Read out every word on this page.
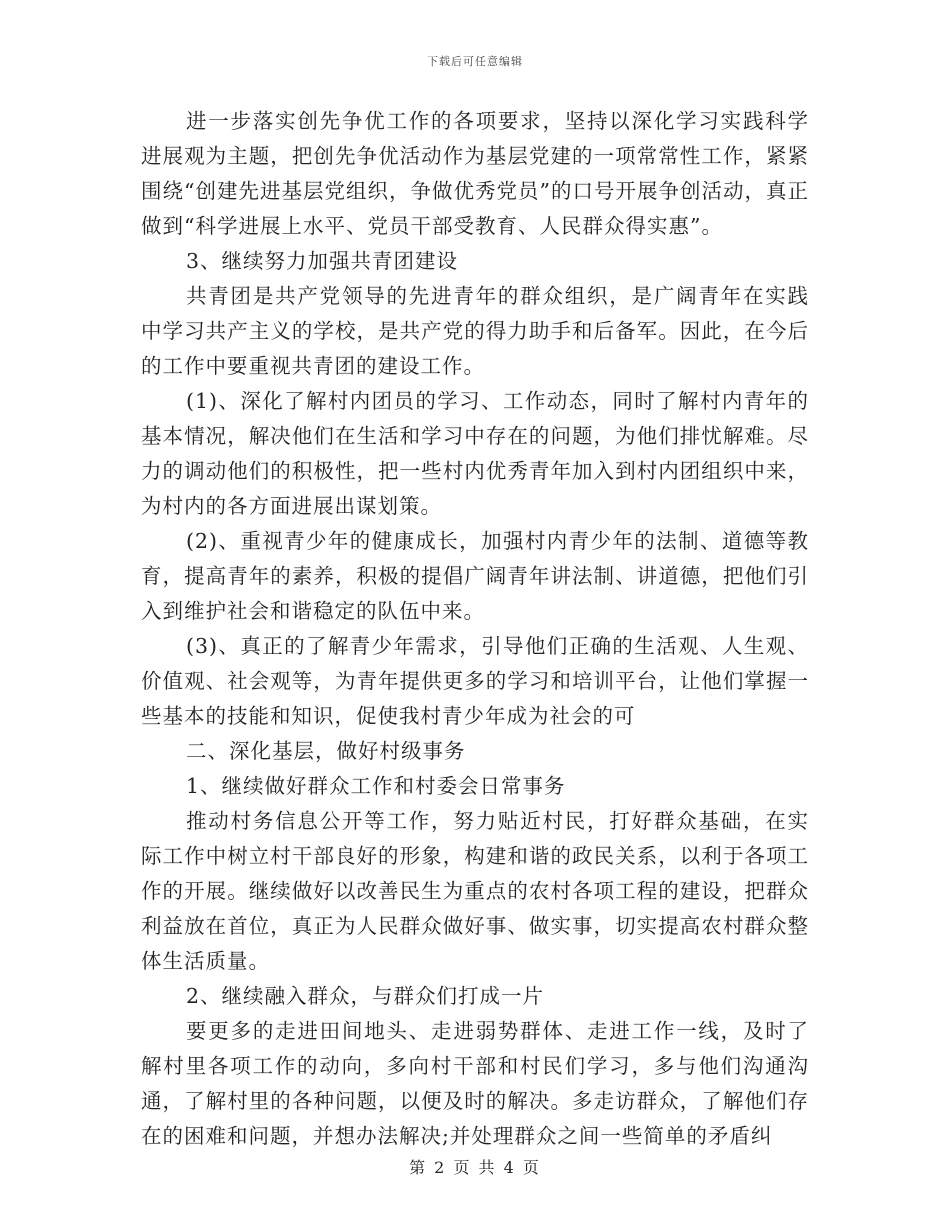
下载后可任意编辑

进一步落实创先争优工作的各项要求，坚持以深化学习实践科学进展观为主题，把创先争优活动作为基层党建的一项常常性工作，紧紧围绕“创建先进基层党组织，争做优秀党员”的口号开展争创活动，真正做到“科学进展上水平、党员干部受教育、人民群众得实惠”。

3、继续努力加强共青团建设

共青团是共产党领导的先进青年的群众组织，是广阔青年在实践中学习共产主义的学校，是共产党的得力助手和后备军。因此，在今后的工作中要重视共青团的建设工作。

(1)、深化了解村内团员的学习、工作动态，同时了解村内青年的基本情况，解决他们在生活和学习中存在的问题，为他们排忧解难。尽力的调动他们的积极性，把一些村内优秀青年加入到村内团组织中来，为村内的各方面进展出谋划策。

(2)、重视青少年的健康成长，加强村内青少年的法制、道德等教育，提高青年的素养，积极的提倡广阔青年讲法制、讲道德，把他们引入到维护社会和谐稳定的队伍中来。

(3)、真正的了解青少年需求，引导他们正确的生活观、人生观、价值观、社会观等，为青年提供更多的学习和培训平台，让他们掌握一些基本的技能和知识，促使我村青少年成为社会的可

二、深化基层，做好村级事务

1、继续做好群众工作和村委会日常事务

推动村务信息公开等工作，努力贴近村民，打好群众基础，在实际工作中树立村干部良好的形象，构建和谐的政民关系，以利于各项工作的开展。继续做好以改善民生为重点的农村各项工程的建设，把群众利益放在首位，真正为人民群众做好事、做实事，切实提高农村群众整体生活质量。

2、继续融入群众，与群众们打成一片

要更多的走进田间地头、走进弱势群体、走进工作一线，及时了解村里各项工作的动向，多向村干部和村民们学习，多与他们沟通沟通，了解村里的各种问题，以便及时的解决。多走访群众，了解他们存在的困难和问题，并想办法解决;并处理群众之间一些简单的矛盾纠

第 2 页 共 4 页
